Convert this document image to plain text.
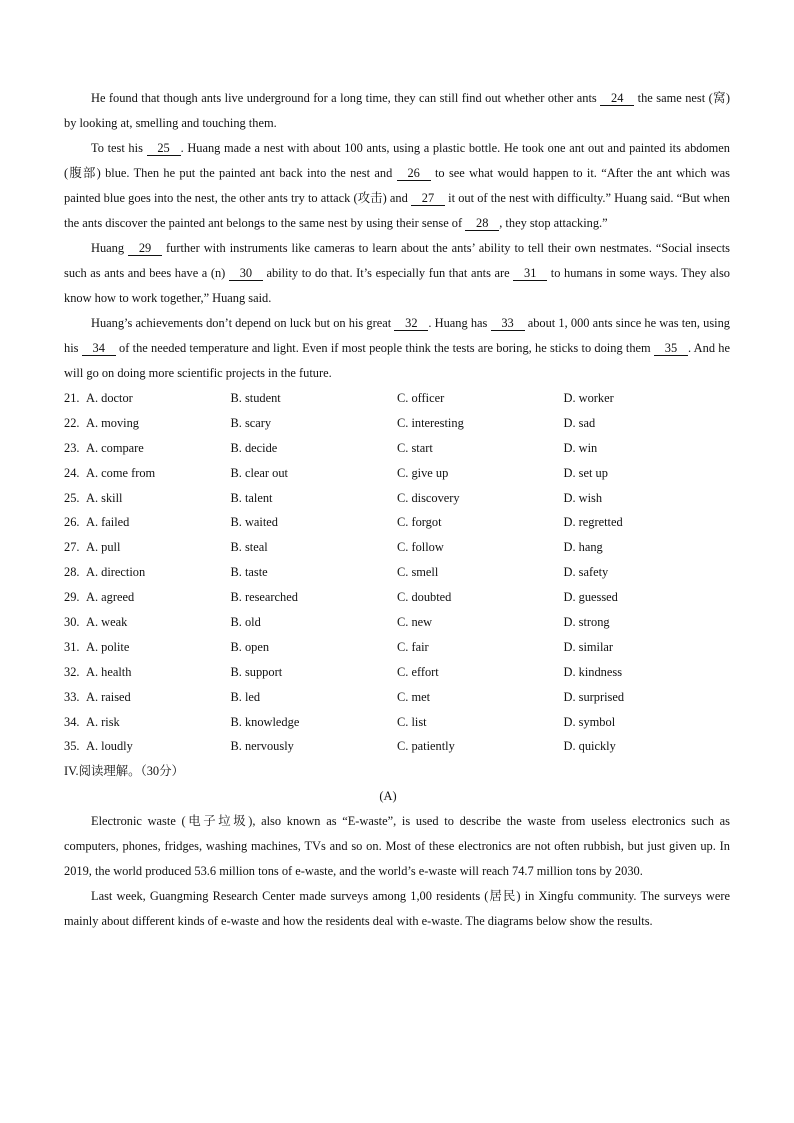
He found that though ants live underground for a long time, they can still find out whether other ants 24 the same nest (窝) by looking at, smelling and touching them.

To test his 25 . Huang made a nest with about 100 ants, using a plastic bottle. He took one ant out and painted its abdomen (腹部) blue. Then he put the painted ant back into the nest and 26 to see what would happen to it. “After the ant which was painted blue goes into the nest, the other ants try to attack (攻击) and 27 it out of the nest with difficulty.” Huang said. “But when the ants discover the painted ant belongs to the same nest by using their sense of 28 , they stop attacking.”

Huang 29 further with instruments like cameras to learn about the ants’ ability to tell their own nestmates. “Social insects such as ants and bees have a (n) 30 ability to do that. It’s especially fun that ants are 31 to humans in some ways. They also know how to work together,” Huang said.

Huang’s achievements don’t depend on luck but on his great 32 . Huang has 33 about 1, 000 ants since he was ten, using his 34 of the needed temperature and light. Even if most people think the tests are boring, he sticks to doing them 35 . And he will go on doing more scientific projects in the future.

21. A. doctor	B. student	C. officer	D. worker
22. A. moving	B. scary	C. interesting	D. sad
23. A. compare	B. decide	C. start	D. win
24. A. come from	B. clear out	C. give up	D. set up
25. A. skill	B. talent	C. discovery	D. wish
26. A. failed	B. waited	C. forgot	D. regretted
27. A. pull	B. steal	C. follow	D. hang
28. A. direction	B. taste	C. smell	D. safety
29. A. agreed	B. researched	C. doubted	D. guessed
30. A. weak	B. old	C. new	D. strong
31. A. polite	B. open	C. fair	D. similar
32. A. health	B. support	C. effort	D. kindness
33. A. raised	B. led	C. met	D. surprised
34. A. risk	B. knowledge	C. list	D. symbol
35. A. loudly	B. nervously	C. patiently	D. quickly

IV.阅读理解。（30分）

(A)

Electronic waste (电子垃圾), also known as “E-waste”, is used to describe the waste from useless electronics such as computers, phones, fridges, washing machines, TVs and so on. Most of these electronics are not often rubbish, but just given up. In 2019, the world produced 53.6 million tons of e-waste, and the world’s e-waste will reach 74.7 million tons by 2030.

Last week, Guangming Research Center made surveys among 1,00 residents (居民) in Xingfu community. The surveys were mainly about different kinds of e-waste and how the residents deal with e-waste. The diagrams below show the results.
